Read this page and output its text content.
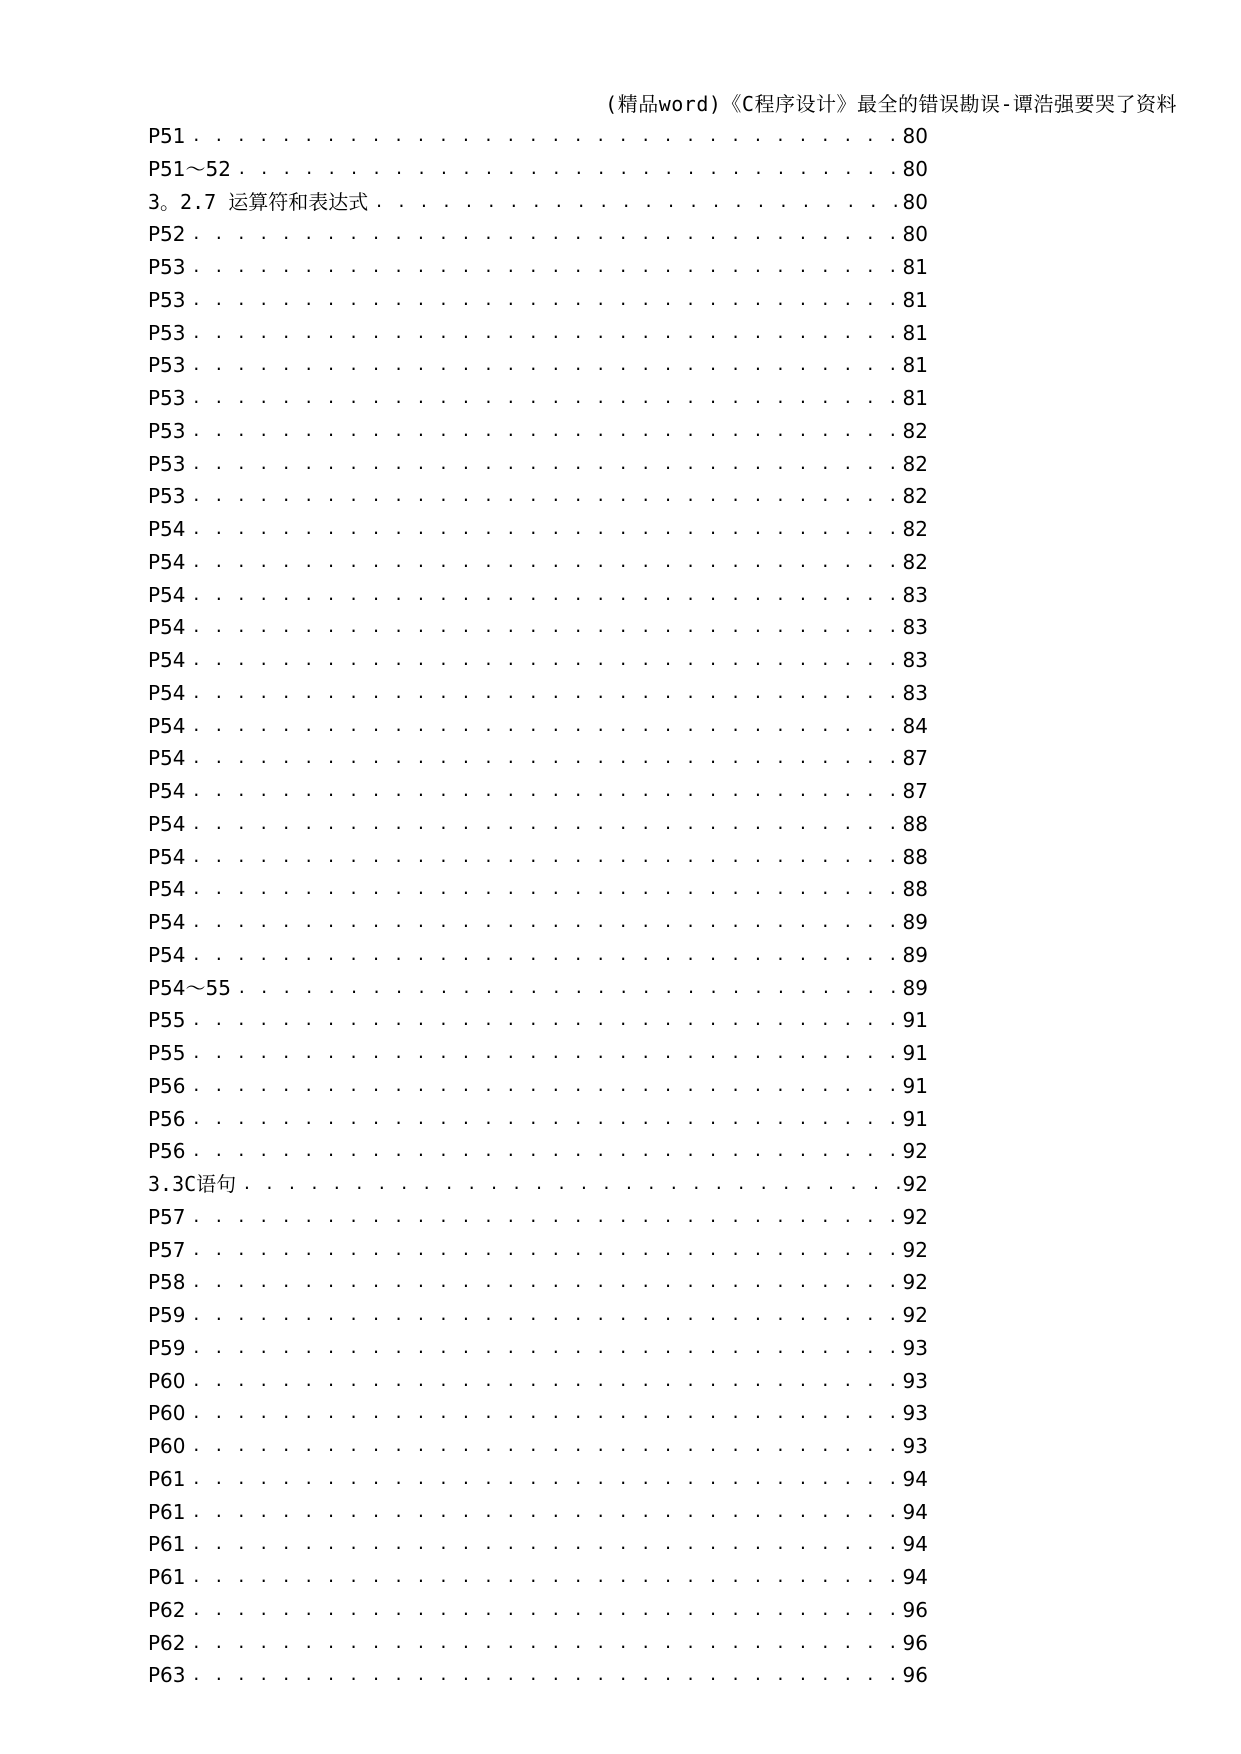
(精品word)《C程序设计》最全的错误勘误-谭浩强要哭了资料
P51 . . .	80
P51～52 . . .	80
3。2.7 运算符和表达式 . . .	80
P52 . . .	80
P53 . . .	81
P53 . . .	81
P53 . . .	81
P53 . . .	81
P53 . . .	81
P53 . . .	82
P53 . . .	82
P53 . . .	82
P54 . . .	82
P54 . . .	82
P54 . . .	83
P54 . . .	83
P54 . . .	83
P54 . . .	83
P54 . . .	84
P54 . . .	87
P54 . . .	87
P54 . . .	88
P54 . . .	88
P54 . . .	88
P54 . . .	89
P54 . . .	89
P54～55 . . .	89
P55 . . .	91
P55 . . .	91
P56 . . .	91
P56 . . .	91
P56 . . .	92
3.3C语句 . . .	92
P57 . . .	92
P57 . . .	92
P58 . . .	92
P59 . . .	92
P59 . . .	93
P60 . . .	93
P60 . . .	93
P60 . . .	93
P61 . . .	94
P61 . . .	94
P61 . . .	94
P61 . . .	94
P62 . . .	96
P62 . . .	96
P63 . . .	96
